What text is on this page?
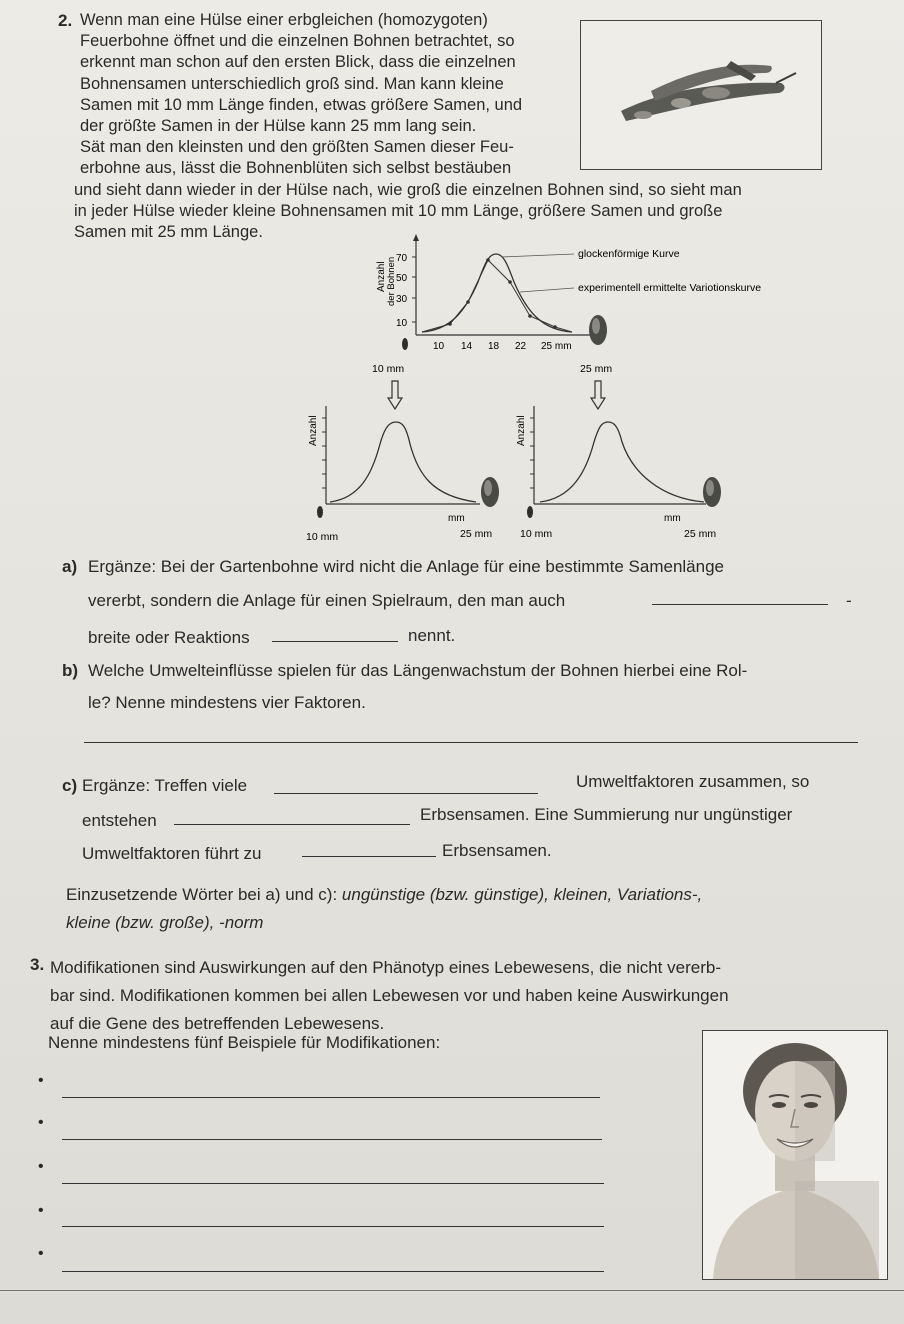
2. Wenn man eine Hülse einer erbgleichen (homozygoten)
Feuerbohne öffnet und die einzelnen Bohnen betrachtet, so
erkennt man schon auf den ersten Blick, dass die einzelnen
Bohnensamen unterschiedlich groß sind. Man kann kleine
Samen mit 10 mm Länge finden, etwas größere Samen, und
der größte Samen in der Hülse kann 25 mm lang sein.
Sät man den kleinsten und den größten Samen dieser Feu-
erbohne aus, lässt die Bohnenblüten sich selbst bestäuben
und sieht dann wieder in der Hülse nach, wie groß die einzelnen Bohnen sind, so sieht man
in jeder Hülse wieder kleine Bohnensamen mit 10 mm Länge, größere Samen und große
Samen mit 25 mm Länge.
70
50
30
10
Anzahl der Bohnen
10 14 18 22 25 mm
glockenförmige Kurve
experimentell ermittelte Variotionskurve
10 mm	25 mm
Anzahl
mm
10 mm	25 mm
Anzahl
mm
10 mm	25 mm
a) Ergänze: Bei der Gartenbohne wird nicht die Anlage für eine bestimmte Samenlänge
vererbt, sondern die Anlage für einen Spielraum, den man auch	-
breite oder Reaktions	nennt.
b) Welche Umwelteinflüsse spielen für das Längenwachstum der Bohnen hierbei eine Rol-
le? Nenne mindestens vier Faktoren.
c) Ergänze: Treffen viele	Umweltfaktoren zusammen, so
entstehen	Erbsensamen. Eine Summierung nur ungünstiger
Umweltfaktoren führt zu	Erbsensamen.
Einzusetzende Wörter bei a) und c): ungünstige (bzw. günstige), kleinen, Variations-,
kleine (bzw. große), -norm
3. Modifikationen sind Auswirkungen auf den Phänotyp eines Lebewesens, die nicht vererb-
bar sind. Modifikationen kommen bei allen Lebewesen vor und haben keine Auswirkungen
auf die Gene des betreffenden Lebewesens.
Nenne mindestens fünf Beispiele für Modifikationen:
•
•
•
•
•
